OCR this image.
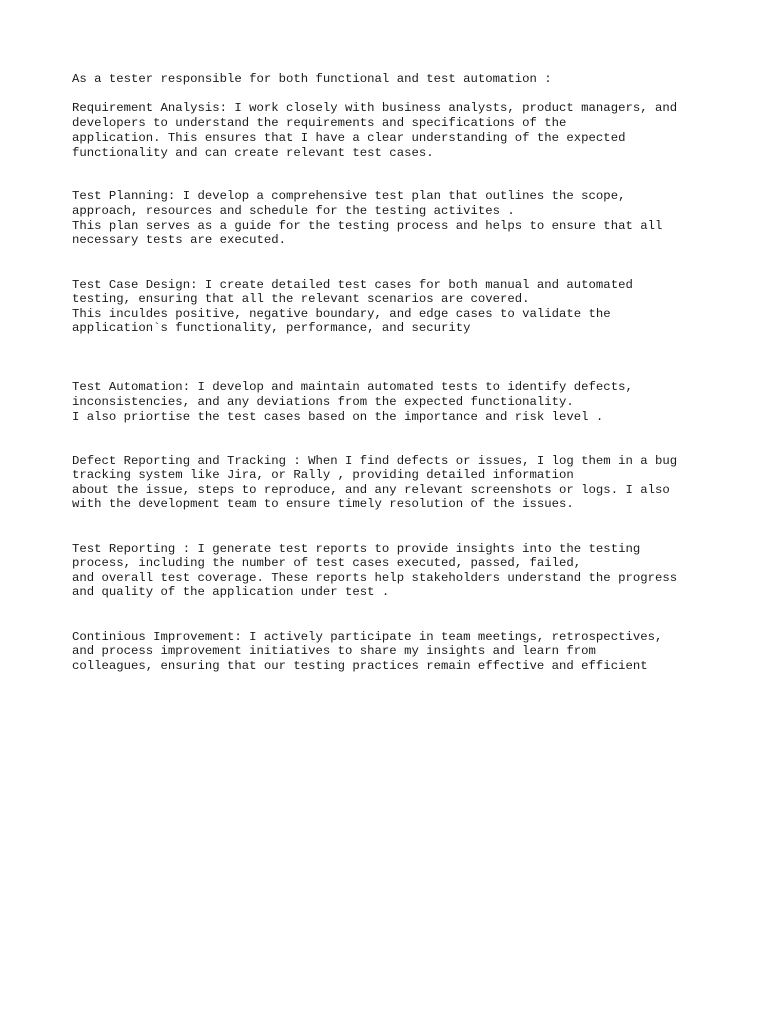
As a tester responsible for both functional and test automation :

Requirement Analysis: I work closely with business analysts, product managers, and

developers to understand the requirements and specifications of the

application. This ensures that I have a clear understanding of the expected

functionality and can create relevant test cases.

Test Planning: I develop a comprehensive test plan that outlines the scope,

approach, resources and schedule for the testing activites .

This plan serves as a guide for the testing process and helps to ensure that all

necessary tests are executed.

Test Case Design: I create detailed test cases for both manual and automated

testing, ensuring that all the relevant scenarios are covered.

This inculdes positive, negative boundary, and edge cases to validate the

application`s functionality, performance, and security

Test Automation: I develop and maintain automated tests to identify defects,

inconsistencies, and any deviations from the expected functionality.

I also priortise the test cases based on the importance and risk level .

Defect Reporting and Tracking : When I find defects or issues, I log them in a bug

tracking system like Jira, or Rally , providing detailed information

about the issue, steps to reproduce, and any relevant screenshots or logs. I also

with the development team to ensure timely resolution of the issues.

Test Reporting : I generate test reports to provide insights into the testing

process, including the number of test cases executed, passed, failed,

and overall test coverage. These reports help stakeholders understand the progress

and quality of the application under test .

Continious Improvement: I actively participate in team meetings, retrospectives,

and process improvement initiatives to share my insights and learn from

colleagues, ensuring that our testing practices remain effective and efficient
